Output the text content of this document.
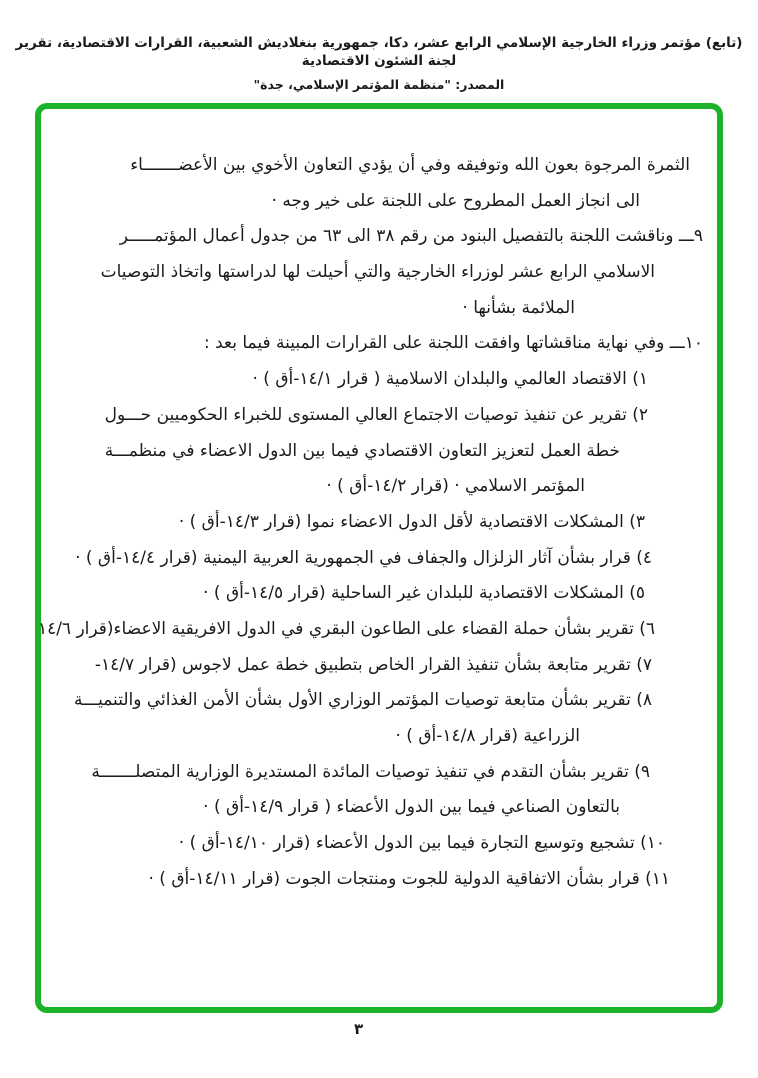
(تابع) مؤتمر وزراء الخارجية الإسلامي الرابع عشر، دكا، جمهورية بنغلاديش الشعبية، القرارات الاقتصادية، تقرير لجنة الشئون الاقتصادية
المصدر: "منظمة المؤتمر الإسلامي، جدة"
الثمرة المرجوة بعون الله وتوفيقه وفي أن يؤدي التعاون الأخوي بين الأعضـــــــاء
الى انجاز العمل المطروح على اللجنة على خير وجه ·
٩ـــ وناقشت اللجنة بالتفصيل البنود من رقم ٣٨ الى ٦٣ من جدول أعمال المؤتمـــــر
الاسلامي الرابع عشر لوزراء الخارجية والتي أحيلت لها لدراستها واتخاذ التوصيات
الملائمة بشأنها ·
١٠ـــ وفي نهاية مناقشاتها وافقت اللجنة على القرارات المبينة فيما بعد :
١) الاقتصاد العالمي والبلدان الاسلامية ( قرار ١٤/١-أق ) ·
٢) تقرير عن تنفيذ توصيات الاجتماع العالي المستوى للخبراء الحكوميين حـــول
خطة العمل لتعزيز التعاون الاقتصادي فيما بين الدول الاعضاء في منظمـــة
المؤتمر الاسلامي · (قرار ١٤/٢-أق ) ·
٣) المشكلات الاقتصادية لأقل الدول الاعضاء نموا (قرار ١٤/٣-أق ) ·
٤) قرار بشأن آثار الزلزال والجفاف في الجمهورية العربية اليمنية (قرار ١٤/٤-أق ) ·
٥) المشكلات الاقتصادية للبلدان غير الساحلية (قرار ١٤/٥-أق ) ·
٦) تقرير بشأن حملة القضاء على الطاعون البقري في الدول الافريقية الاعضاء(قرار ١٤/٦
٧) تقرير متابعة بشأن تنفيذ القرار الخاص بتطبيق خطة عمل لاجوس (قرار ١٤/٧-
٨) تقرير بشأن متابعة توصيات المؤتمر الوزاري الأول بشأن الأمن الغذائي والتنميـــة
الزراعية (قرار ١٤/٨-أق ) ·
٩) تقرير بشأن التقدم في تنفيذ توصيات المائدة المستديرة الوزارية المتصلـــــــة
بالتعاون الصناعي فيما بين الدول الأعضاء ( قرار ١٤/٩-أق ) ·
١٠) تشجيع وتوسيع التجارة فيما بين الدول الأعضاء (قرار ١٤/١٠-أق ) ·
١١) قرار بشأن الاتفاقية الدولية للجوت ومنتجات الجوت (قرار ١٤/١١-أق ) ·
٣
